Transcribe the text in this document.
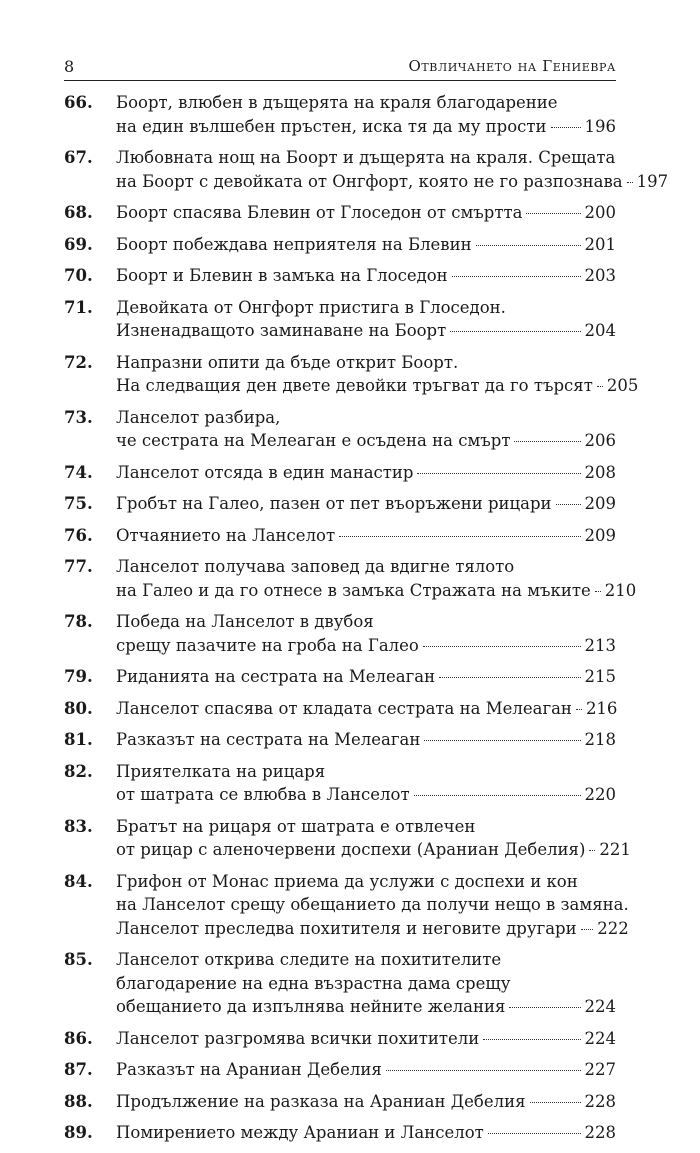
8	Отвличането на Гениевра
66.	Боорт, влюбен в дъщерята на краля благодарение
на един вълшебен пръстен, иска тя да му прости 196
67.	Любовната нощ на Боорт и дъщерята на краля. Срещата
на Боорт с девойката от Онгфорт, която не го разпознава 197
68.	Боорт спасява Блевин от Глоседон от смъртта	200
69.	Боорт побеждава неприятеля на Блевин	201
70.	Боорт и Блевин в замъка на Глоседон	203
71.	Девойката от Онгфорт пристига в Глоседон.
Изненадващото заминаване на Боорт	204
72.	Напразни опити да бъде открит Боорт.
На следващия ден двете девойки тръгват да го търсят 205
73.	Ланселот разбира,
че сестрата на Мелеаган е осъдена на смърт	206
74.	Ланселот отсяда в един манастир	208
75.	Гробът на Галео, пазен от пет въоръжени рицари 209
76.	Отчаянието на Ланселот	209
77.	Ланселот получава заповед да вдигне тялото
на Галео и да го отнесе в замъка Стражата на мъките 210
78.	Победа на Ланселот в двубоя
срещу пазачите на гроба на Галео	213
79.	Риданията на сестрата на Мелеаган	215
80.	Ланселот спасява от кладата сестрата на Мелеаган 216
81.	Разказът на сестрата на Мелеаган	218
82.	Приятелката на рицаря
от шатрата се влюбва в Ланселот	220
83.	Братът на рицаря от шатрата е отвлечен
от рицар с аленочервени доспехи (Арaниан Дебелия) 221
84.	Грифон от Монас приема да услужи с доспехи и кон
на Ланселот срещу обещанието да получи нещо в замяна.
Ланселот преследва похитителя и неговите другари 222
85.	Ланселот открива следите на похитителите
благодарение на една възрастна дама срещу
обещанието да изпълнява нейните желания	224
86.	Ланселот разгромява всички похитители	224
87.	Разказът на Араниан Дебелия	227
88.	Продължение на разказа на Араниан Дебелия	228
89.	Помирението между Араниан и Ланселот	228
